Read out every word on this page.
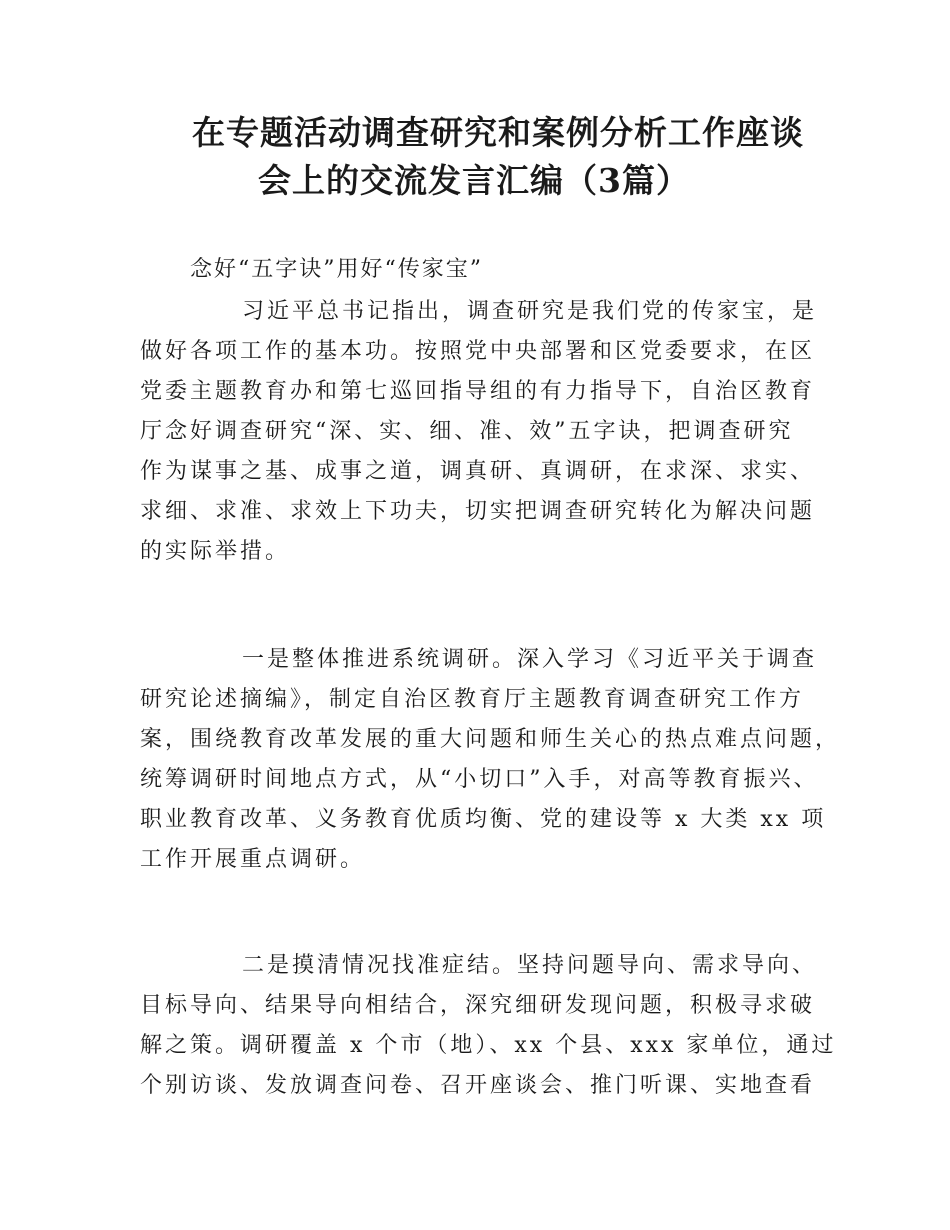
在专题活动调查研究和案例分析工作座谈
会上的交流发言汇编（3篇）
念好“五字诀”用好“传家宝”
习近平总书记指出，调查研究是我们党的传家宝，是
做好各项工作的基本功。按照党中央部署和区党委要求，在区
党委主题教育办和第七巡回指导组的有力指导下，自治区教育
厅念好调查研究“深、实、细、准、效”五字诀，把调查研究
作为谋事之基、成事之道，调真研、真调研，在求深、求实、
求细、求准、求效上下功夫，切实把调查研究转化为解决问题
的实际举措。
一是整体推进系统调研。深入学习《习近平关于调查
研究论述摘编》，制定自治区教育厅主题教育调查研究工作方
案，围绕教育改革发展的重大问题和师生关心的热点难点问题，
统筹调研时间地点方式，从“小切口”入手，对高等教育振兴、
职业教育改革、义务教育优质均衡、党的建设等 x 大类 xx 项
工作开展重点调研。
二是摸清情况找准症结。坚持问题导向、需求导向、
目标导向、结果导向相结合，深究细研发现问题，积极寻求破
解之策。调研覆盖 x 个市（地）、xx 个县、xxx 家单位，通过
个别访谈、发放调查问卷、召开座谈会、推门听课、实地查看
